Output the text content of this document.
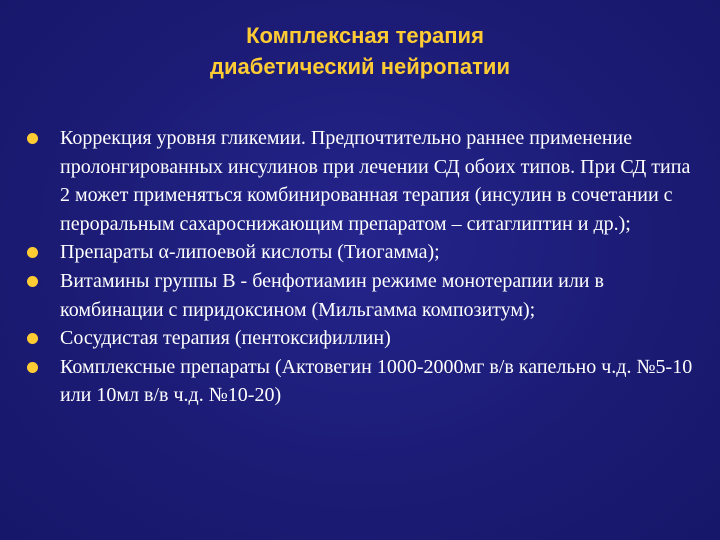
Комплексная терапия
диабетический нейропатии
Коррекция уровня гликемии. Предпочтительно раннее применение пролонгированных инсулинов при лечении СД обоих типов. При СД типа 2 может применяться комбинированная терапия (инсулин в сочетании с пероральным сахароснижающим препаратом – ситаглиптин и др.);
Препараты α-липоевой кислоты (Тиогамма);
Витамины группы В - бенфотиамин режиме монотерапии или в комбинации с пиридоксином (Мильгамма композитум);
Сосудистая терапия (пентоксифиллин)
Комплексные препараты (Актовегин 1000-2000мг в/в капельно ч.д. №5-10 или 10мл в/в ч.д. №10-20)
